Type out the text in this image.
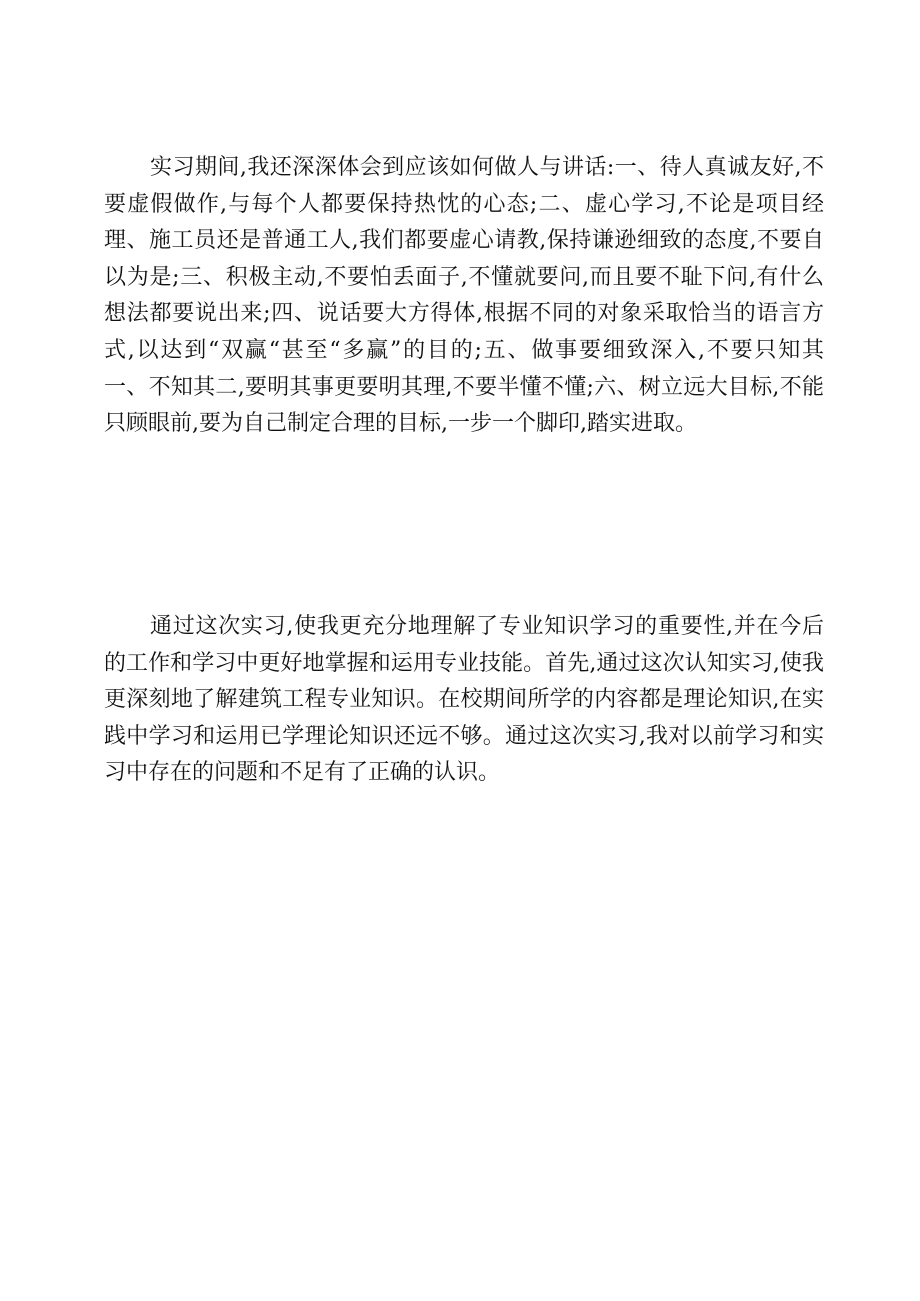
实习期间,我还深深体会到应该如何做人与讲话:一、待人真诚友好,不
要虚假做作,与每个人都要保持热忱的心态;二、虚心学习,不论是项目经
理、施工员还是普通工人,我们都要虚心请教,保持谦逊细致的态度,不要自
以为是;三、积极主动,不要怕丢面子,不懂就要问,而且要不耻下问,有什么
想法都要说出来;四、说话要大方得体,根据不同的对象采取恰当的语言方
式,以达到“双赢“甚至“多赢”的目的;五、做事要细致深入,不要只知其
一、不知其二,要明其事更要明其理,不要半懂不懂;六、树立远大目标,不能
只顾眼前,要为自己制定合理的目标,一步一个脚印,踏实进取。
通过这次实习,使我更充分地理解了专业知识学习的重要性,并在今后
的工作和学习中更好地掌握和运用专业技能。首先,通过这次认知实习,使我
更深刻地了解建筑工程专业知识。在校期间所学的内容都是理论知识,在实
践中学习和运用已学理论知识还远不够。通过这次实习,我对以前学习和实
习中存在的问题和不足有了正确的认识。
